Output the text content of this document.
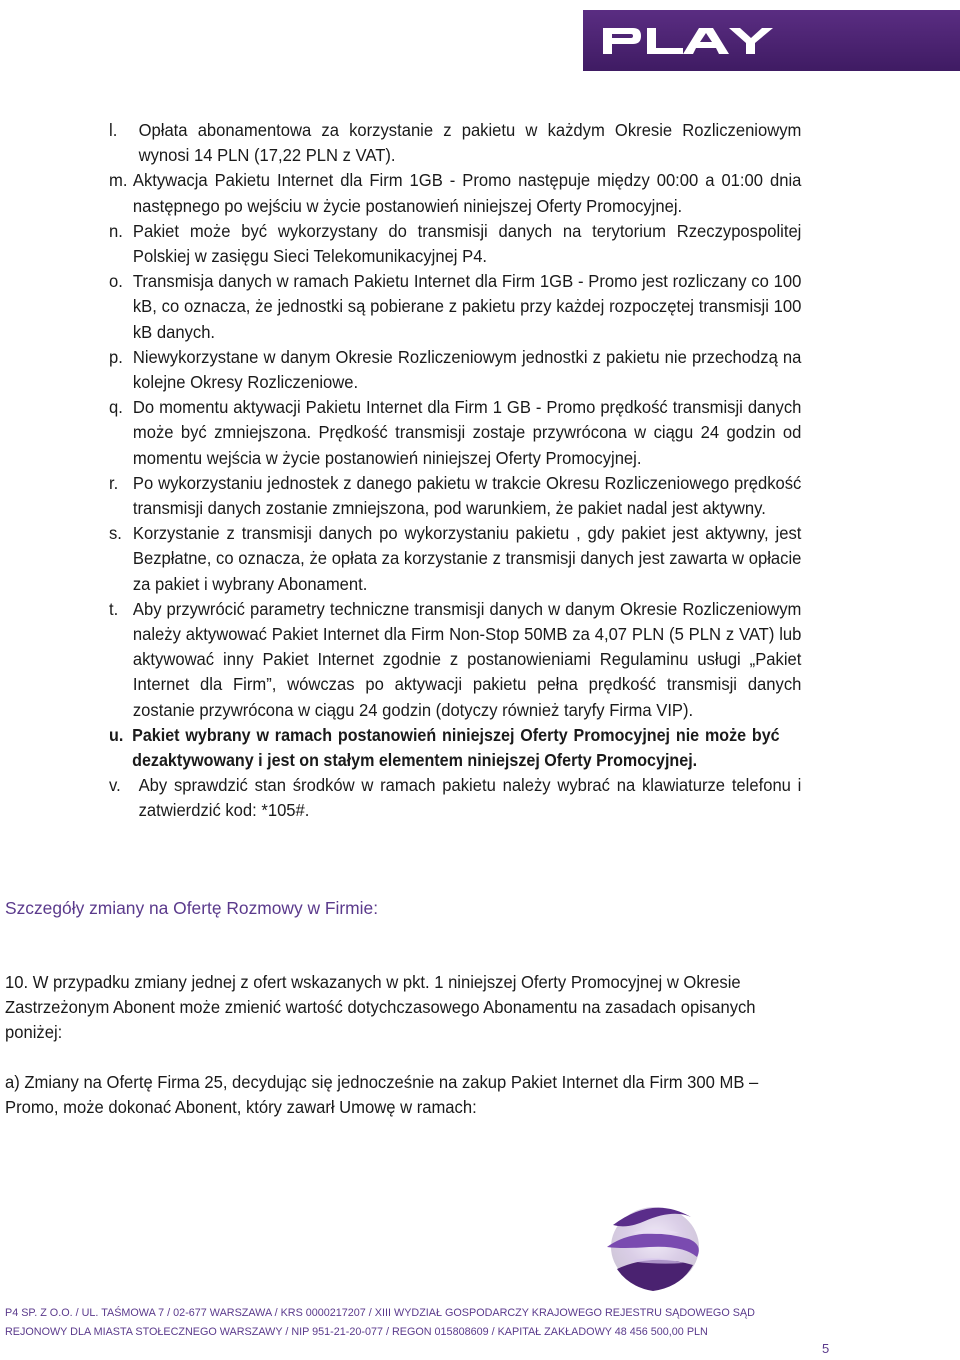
l. Opłata abonamentowa za korzystanie z pakietu w każdym Okresie Rozliczeniowym wynosi 14 PLN (17,22 PLN z VAT).
m. Aktywacja Pakietu Internet dla Firm 1GB - Promo następuje między 00:00 a 01:00 dnia następnego po wejściu w życie postanowień niniejszej Oferty Promocyjnej.
n. Pakiet może być wykorzystany do transmisji danych na terytorium Rzeczypospolitej Polskiej w zasięgu Sieci Telekomunikacyjnej P4.
o. Transmisja danych w ramach Pakietu Internet dla Firm 1GB - Promo jest rozliczany co 100 kB, co oznacza, że jednostki są pobierane z pakietu przy każdej rozpoczętej transmisji 100 kB danych.
p. Niewykorzystane w danym Okresie Rozliczeniowym jednostki z pakietu nie przechodzą na kolejne Okresy Rozliczeniowe.
q. Do momentu aktywacji Pakietu Internet dla Firm 1 GB - Promo prędkość transmisji danych może być zmniejszona. Prędkość transmisji zostaje przywrócona w ciągu 24 godzin od momentu wejścia w życie postanowień niniejszej Oferty Promocyjnej.
r. Po wykorzystaniu jednostek z danego pakietu w trakcie Okresu Rozliczeniowego prędkość transmisji danych zostanie zmniejszona, pod warunkiem, że pakiet nadal jest aktywny.
s. Korzystanie z transmisji danych po wykorzystaniu pakietu , gdy pakiet jest aktywny, jest Bezpłatne, co oznacza, że opłata za korzystanie z transmisji danych jest zawarta w opłacie za pakiet i wybrany Abonament.
t. Aby przywrócić parametry techniczne transmisji danych w danym Okresie Rozliczeniowym należy aktywować Pakiet Internet dla Firm Non-Stop 50MB za 4,07 PLN (5 PLN z VAT) lub aktywować inny Pakiet Internet zgodnie z postanowieniami Regulaminu usługi „Pakiet Internet dla Firm”, wówczas po aktywacji pakietu pełna prędkość transmisji danych zostanie przywrócona w ciągu 24 godzin (dotyczy również taryfy Firma VIP).
u. Pakiet wybrany w ramach postanowień niniejszej Oferty Promocyjnej nie może być dezaktywowany i jest on stałym elementem niniejszej Oferty Promocyjnej.
v. Aby sprawdzić stan środków w ramach pakietu należy wybrać na klawiaturze telefonu i zatwierdzić kod: *105#.
Szczegóły zmiany na Ofertę Rozmowy w Firmie:
10. W przypadku zmiany jednej z ofert wskazanych w pkt. 1 niniejszej Oferty Promocyjnej w Okresie Zastrzeżonym Abonent może zmienić wartość dotychczasowego Abonamentu na zasadach opisanych poniżej:
a) Zmiany na Ofertę Firma 25, decydując się jednocześnie na zakup Pakiet Internet dla Firm 300 MB – Promo, może dokonać Abonent, który zawarł Umowę w ramach:
P4 SP. Z O.O. / UL. TAŚMOWA 7 / 02-677 WARSZAWA / KRS 0000217207 / XIII WYDZIAŁ GOSPODARCZY KRAJOWEGO REJESTRU SĄDOWEGO SĄD
REJONOWY DLA MIASTA STOŁECZNEGO WARSZAWY / NIP 951-21-20-077 / REGON 015808609 / KAPITAŁ ZAKŁADOWY 48 456 500,00 PLN
5
